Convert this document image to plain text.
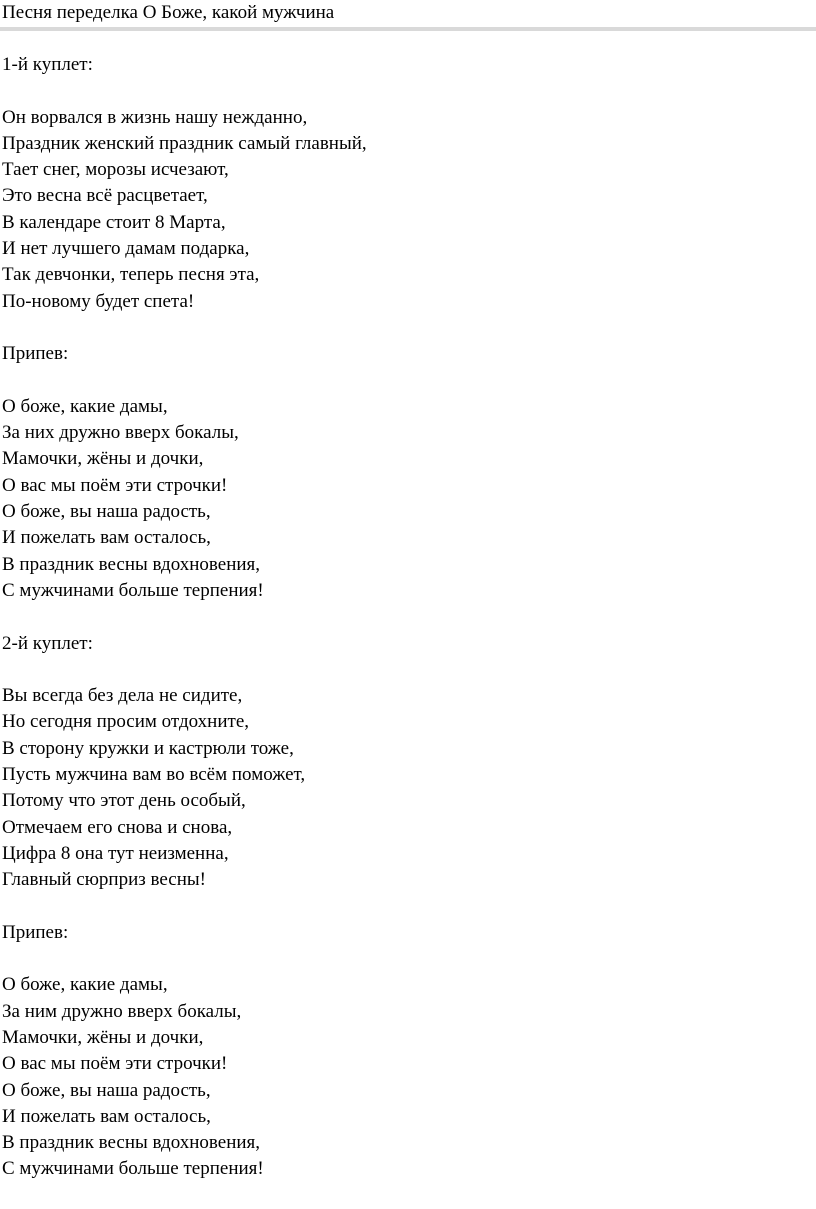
Песня переделка О Боже, какой мужчина
1-й куплет:
Он ворвался в жизнь нашу нежданно,
Праздник женский праздник самый главный,
Тает снег, морозы исчезают,
Это весна всё расцветает,
В календаре стоит 8 Марта,
И нет лучшего дамам подарка,
Так девчонки, теперь песня эта,
По-новому будет спета!
Припев:
О боже, какие дамы,
За них дружно вверх бокалы,
Мамочки, жёны и дочки,
О вас мы поём эти строчки!
О боже, вы наша радость,
И пожелать вам осталось,
В праздник весны вдохновения,
С мужчинами больше терпения!
2-й куплет:
Вы всегда без дела не сидите,
Но сегодня просим отдохните,
В сторону кружки и кастрюли тоже,
Пусть мужчина вам во всём поможет,
Потому что этот день особый,
Отмечаем его снова и снова,
Цифра 8 она тут неизменна,
Главный сюрприз весны!
Припев:
О боже, какие дамы,
За ним дружно вверх бокалы,
Мамочки, жёны и дочки,
О вас мы поём эти строчки!
О боже, вы наша радость,
И пожелать вам осталось,
В праздник весны вдохновения,
С мужчинами больше терпения!
